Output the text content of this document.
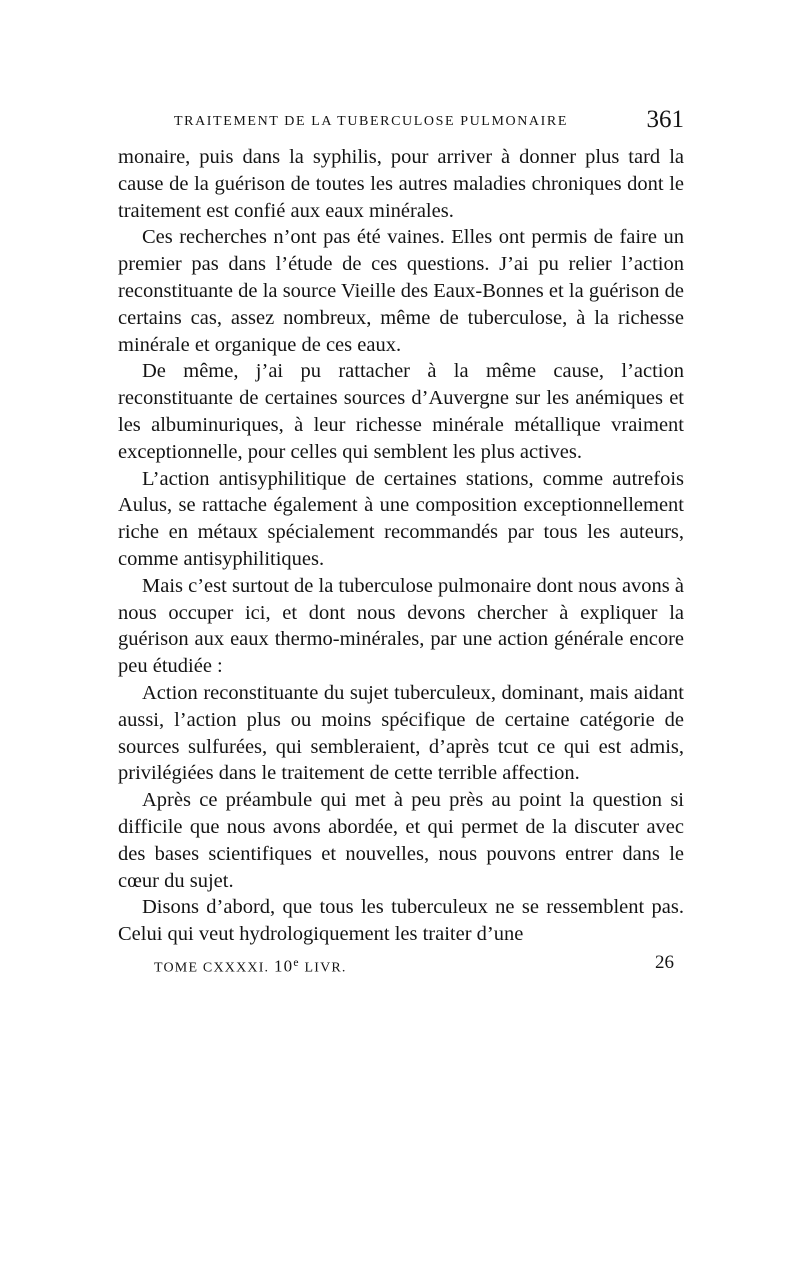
TRAITEMENT DE LA TUBERCULOSE PULMONAIRE	361

monaire, puis dans la syphilis, pour arriver à donner plus tard la cause de la guérison de toutes les autres maladies chroniques dont le traitement est confié aux eaux minérales.

Ces recherches n’ont pas été vaines. Elles ont permis de faire un premier pas dans l’étude de ces questions. J’ai pu relier l’action reconstituante de la source Vieille des Eaux-Bonnes et la guérison de certains cas, assez nombreux, même de tuberculose, à la richesse minérale et organique de ces eaux.

De même, j’ai pu rattacher à la même cause, l’action reconstituante de certaines sources d’Auvergne sur les anémiques et les albuminuriques, à leur richesse minérale métallique vraiment exceptionnelle, pour celles qui semblent les plus actives.

L’action antisyphilitique de certaines stations, comme autrefois Aulus, se rattache également à une composition exceptionnellement riche en métaux spécialement recommandés par tous les auteurs, comme antisyphilitiques.

Mais c’est surtout de la tuberculose pulmonaire dont nous avons à nous occuper ici, et dont nous devons chercher à expliquer la guérison aux eaux thermo-minérales, par une action générale encore peu étudiée :

Action reconstituante du sujet tuberculeux, dominant, mais aidant aussi, l’action plus ou moins spécifique de certaine catégorie de sources sulfurées, qui sembleraient, d’après tcut ce qui est admis, privilégiées dans le traitement de cette terrible affection.

Après ce préambule qui met à peu près au point la question si difficile que nous avons abordée, et qui permet de la discuter avec des bases scientifiques et nouvelles, nous pouvons entrer dans le cœur du sujet.

Disons d’abord, que tous les tuberculeux ne se ressemblent pas. Celui qui veut hydrologiquement les traiter d’une

TOME CXXXXI. 10e LIVR.	26
